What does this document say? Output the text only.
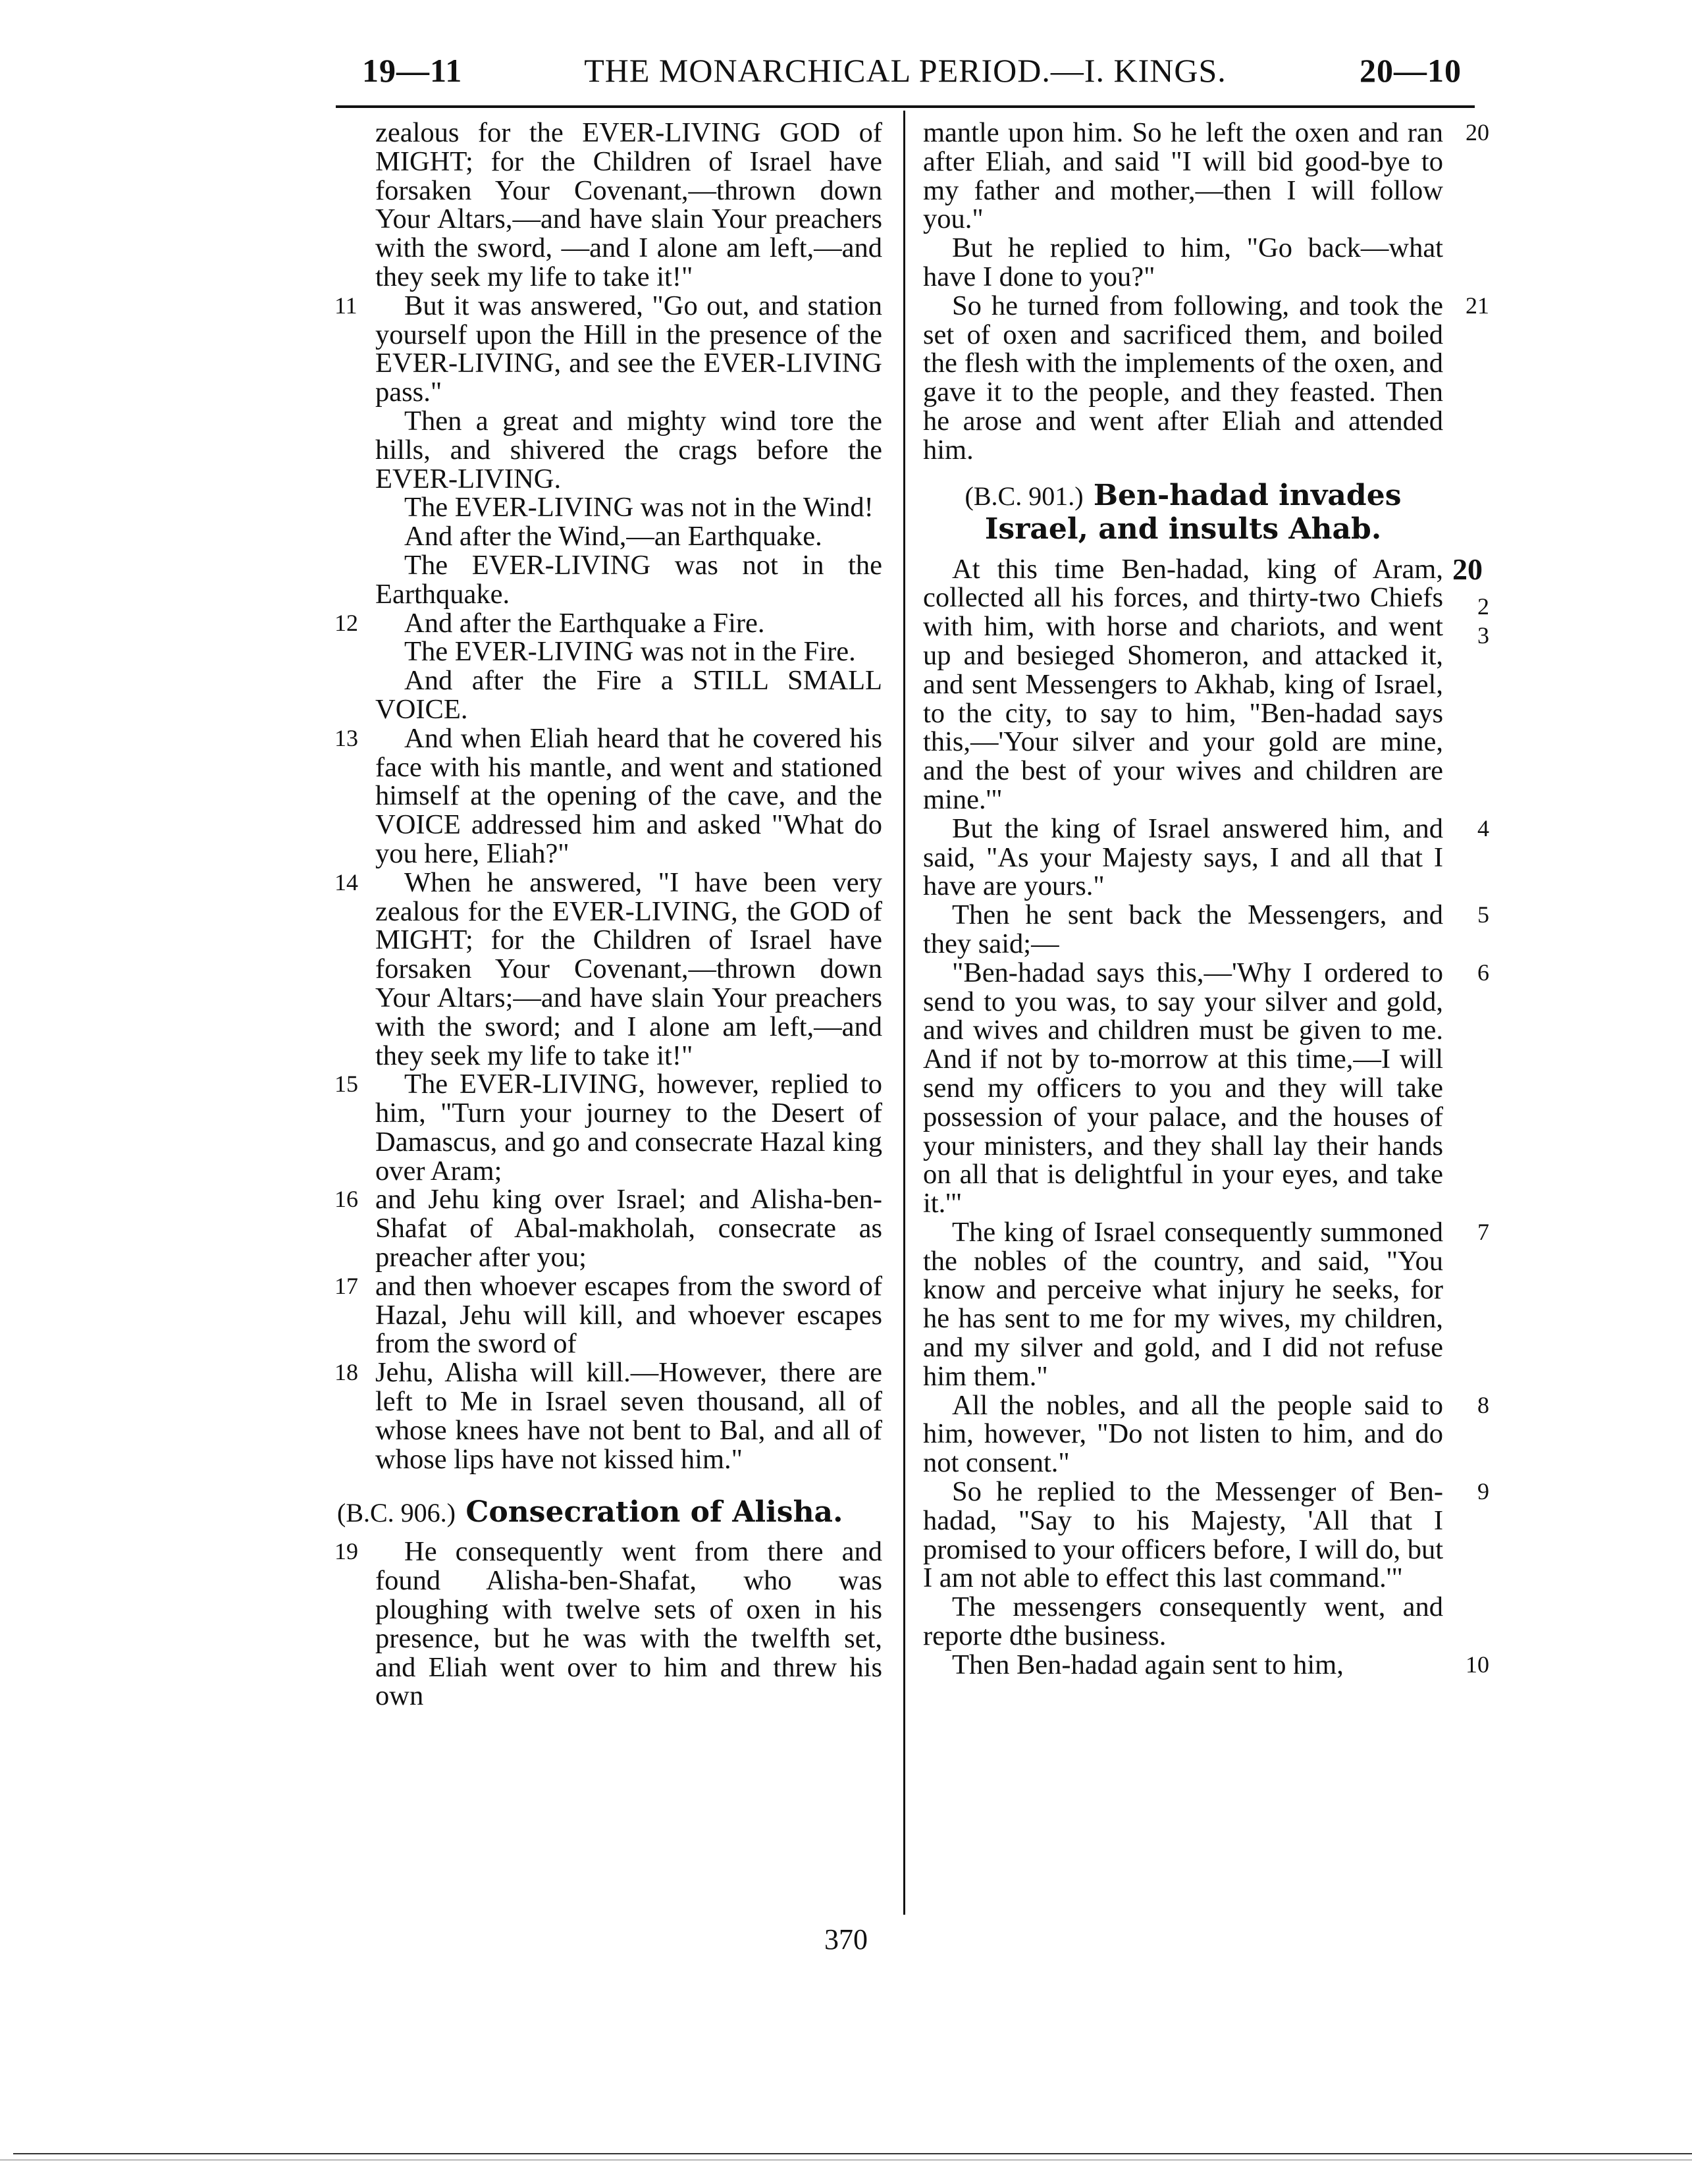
19—11	THE MONARCHICAL PERIOD.—I. KINGS.	20—10

zealous for the EVER-LIVING GOD of MIGHT; for the Children of Israel have forsaken Your Covenant,—thrown down Your Altars,—and have slain Your preachers with the sword, —and I alone am left,—and they seek my life to take it!"

11 But it was answered, "Go out, and station yourself upon the Hill in the presence of the EVER-LIVING, and see the EVER-LIVING pass."

Then a great and mighty wind tore the hills, and shivered the crags before the EVER-LIVING.

The EVER-LIVING was not in the Wind!

And after the Wind,—an Earthquake.

The EVER-LIVING was not in the Earthquake.

12 And after the Earthquake a Fire.

The EVER-LIVING was not in the Fire.

And after the Fire a STILL SMALL VOICE.

13 And when Eliah heard that he covered his face with his mantle, and went and stationed himself at the opening of the cave, and the VOICE addressed him and asked "What do you here, Eliah?"

14 When he answered, "I have been very zealous for the EVER-LIVING, the GOD of MIGHT; for the Children of Israel have forsaken Your Covenant,—thrown down Your Altars;—and have slain Your preachers with the sword; and I alone am left,—and they seek my life to take it!"

15 The EVER-LIVING, however, replied to him, "Turn your journey to the Desert of Damascus, and go and consecrate Hazal king over Aram;

16 and Jehu king over Israel; and Alisha-ben-Shafat of Abal-makholah, consecrate as preacher after you;

17 and then whoever escapes from the sword of Hazal, Jehu will kill, and whoever escapes from the sword of

18 Jehu, Alisha will kill.—However, there are left to Me in Israel seven thousand, all of whose knees have not bent to Bal, and all of whose lips have not kissed him."

(B.C. 906.) Consecration of Alisha.

19 He consequently went from there and found Alisha-ben-Shafat, who was ploughing with twelve sets of oxen in his presence, but he was with the twelfth set, and Eliah went over to him and threw his own

20
mantle upon him. So he left the oxen and ran after Eliah, and said "I will bid good-bye to my father and mother,—then I will follow you."

But he replied to him, "Go back—what have I done to you?"

21
So he turned from following, and took the set of oxen and sacrificed them, and boiled the flesh with the implements of the oxen, and gave it to the people, and they feasted. Then he arose and went after Eliah and attended him.

(B.C. 901.) Ben-hadad invades Israel, and insults Ahab.
2
3

20
At this time Ben-hadad, king of Aram, collected all his forces, and thirty-two Chiefs with him, with horse and chariots, and went up and besieged Shomeron, and attacked it, and sent Messengers to Akhab, king of Israel, to the city, to say to him, "Ben-hadad says this,—'Your silver and your gold are mine, and the best of your wives and children are mine.'"

4
But the king of Israel answered him, and said, "As your Majesty says, I and all that I have are yours."

5
Then he sent back the Messengers, and they said;—

6
"Ben-hadad says this,—'Why I ordered to send to you was, to say your silver and gold, and wives and children must be given to me. And if not by to-morrow at this time,—I will send my officers to you and they will take possession of your palace, and the houses of your ministers, and they shall lay their hands on all that is delightful in your eyes, and take it.'"

7
The king of Israel consequently summoned the nobles of the country, and said, "You know and perceive what injury he seeks, for he has sent to me for my wives, my children, and my silver and gold, and I did not refuse him them."

8
All the nobles, and all the people said to him, however, "Do not listen to him, and do not consent."

9
So he replied to the Messenger of Ben-hadad, "Say to his Majesty, 'All that I promised to your officers before, I will do, but I am not able to effect this last command.'"

The messengers consequently went, and reporte dthe business.

10
Then Ben-hadad again sent to him,

370
